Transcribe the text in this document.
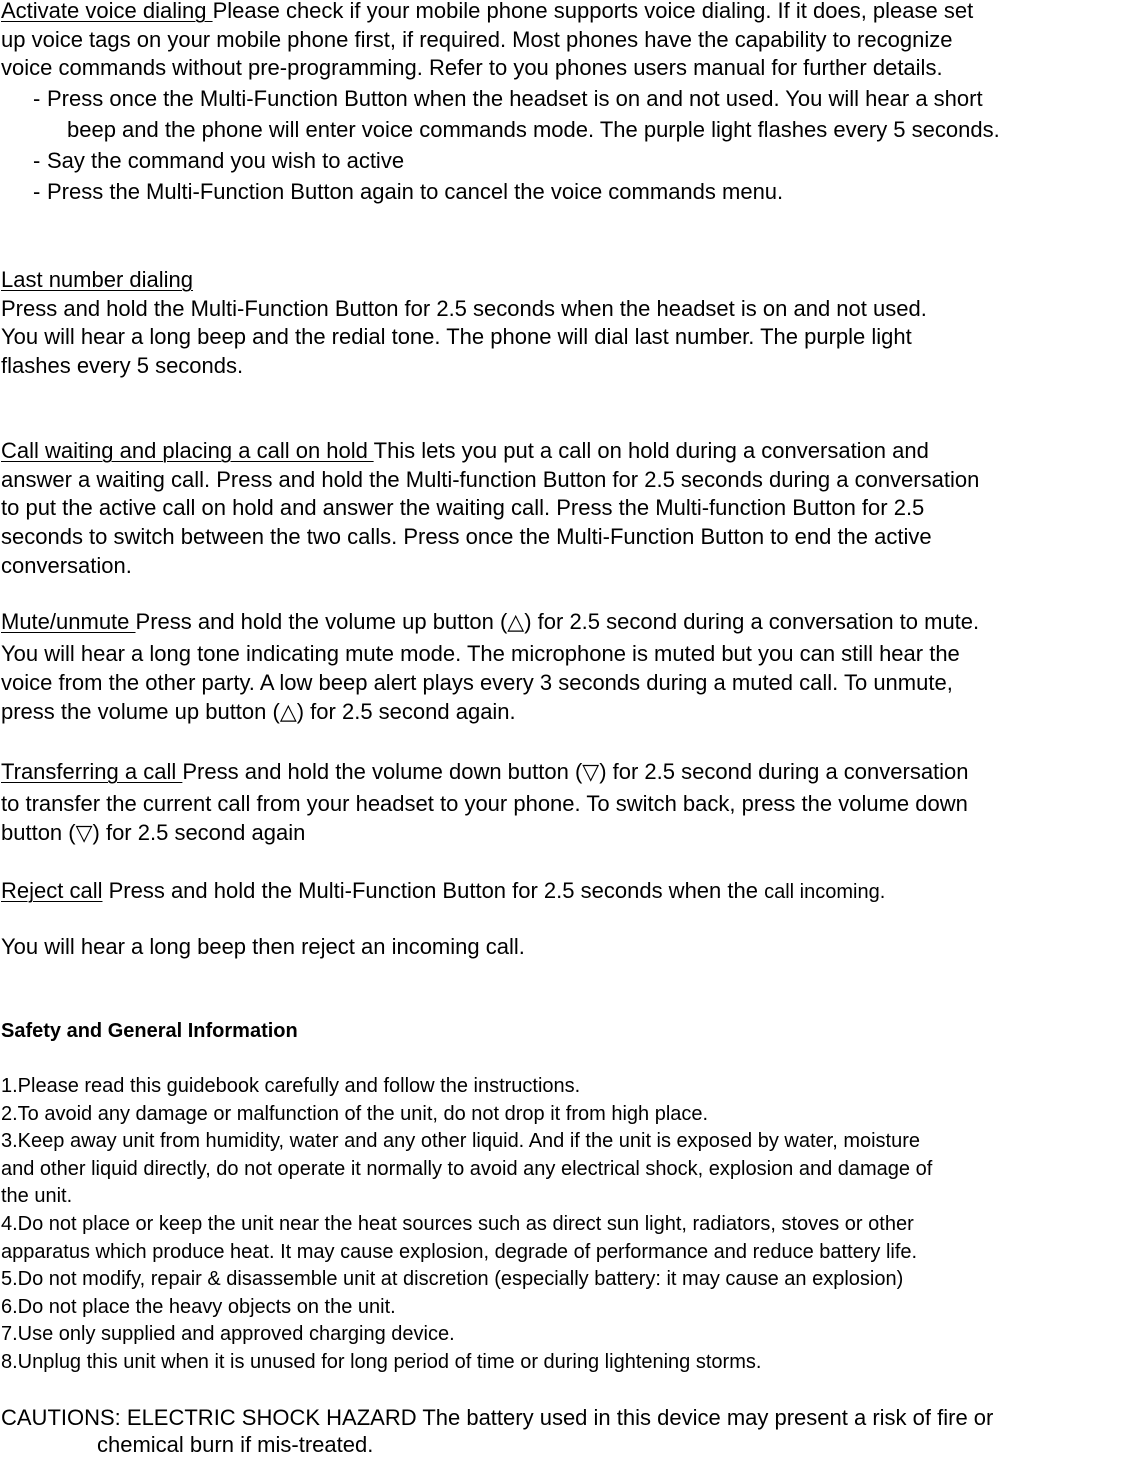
Activate voice dialing Please check if your mobile phone supports voice dialing. If it does, please set
up voice tags on your mobile phone first, if required. Most phones have the capability to recognize
voice commands without pre-programming. Refer to you phones users manual for further details.
- Press once the Multi-Function Button when the headset is on and not used. You will hear a short
beep and the phone will enter voice commands mode. The purple light flashes every 5 seconds.
- Say the command you wish to active
- Press the Multi-Function Button again to cancel the voice commands menu.
Last number dialing
Press and hold the Multi-Function Button for 2.5 seconds when the headset is on and not used.
You will hear a long beep and the redial tone. The phone will dial last number. The purple light
flashes every 5 seconds.
Call waiting and placing a call on hold This lets you put a call on hold during a conversation and
answer a waiting call. Press and hold the Multi-function Button for 2.5 seconds during a conversation
to put the active call on hold and answer the waiting call. Press the Multi-function Button for 2.5
seconds to switch between the two calls. Press once the Multi-Function Button to end the active
conversation.
Mute/unmute Press and hold the volume up button (△) for 2.5 second during a conversation to mute.
You will hear a long tone indicating mute mode. The microphone is muted but you can still hear the
voice from the other party. A low beep alert plays every 3 seconds during a muted call. To unmute,
press the volume up button (△) for 2.5 second again.
Transferring a call Press and hold the volume down button (▽) for 2.5 second during a conversation
to transfer the current call from your headset to your phone. To switch back, press the volume down
button (▽) for 2.5 second again
Reject call Press and hold the Multi-Function Button for 2.5 seconds when the call incoming.
You will hear a long beep then reject an incoming call.
Safety and General Information
1.Please read this guidebook carefully and follow the instructions.
2.To avoid any damage or malfunction of the unit, do not drop it from high place.
3.Keep away unit from humidity, water and any other liquid. And if the unit is exposed by water, moisture
and other liquid directly, do not operate it normally to avoid any electrical shock, explosion and damage of
the unit.
4.Do not place or keep the unit near the heat sources such as direct sun light, radiators, stoves or other
apparatus which produce heat. It may cause explosion, degrade of performance and reduce battery life.
5.Do not modify, repair & disassemble unit at discretion (especially battery: it may cause an explosion)
6.Do not place the heavy objects on the unit.
7.Use only supplied and approved charging device.
8.Unplug this unit when it is unused for long period of time or during lightening storms.
CAUTIONS: ELECTRIC SHOCK HAZARD The battery used in this device may present a risk of fire or
chemical burn if mis-treated.
